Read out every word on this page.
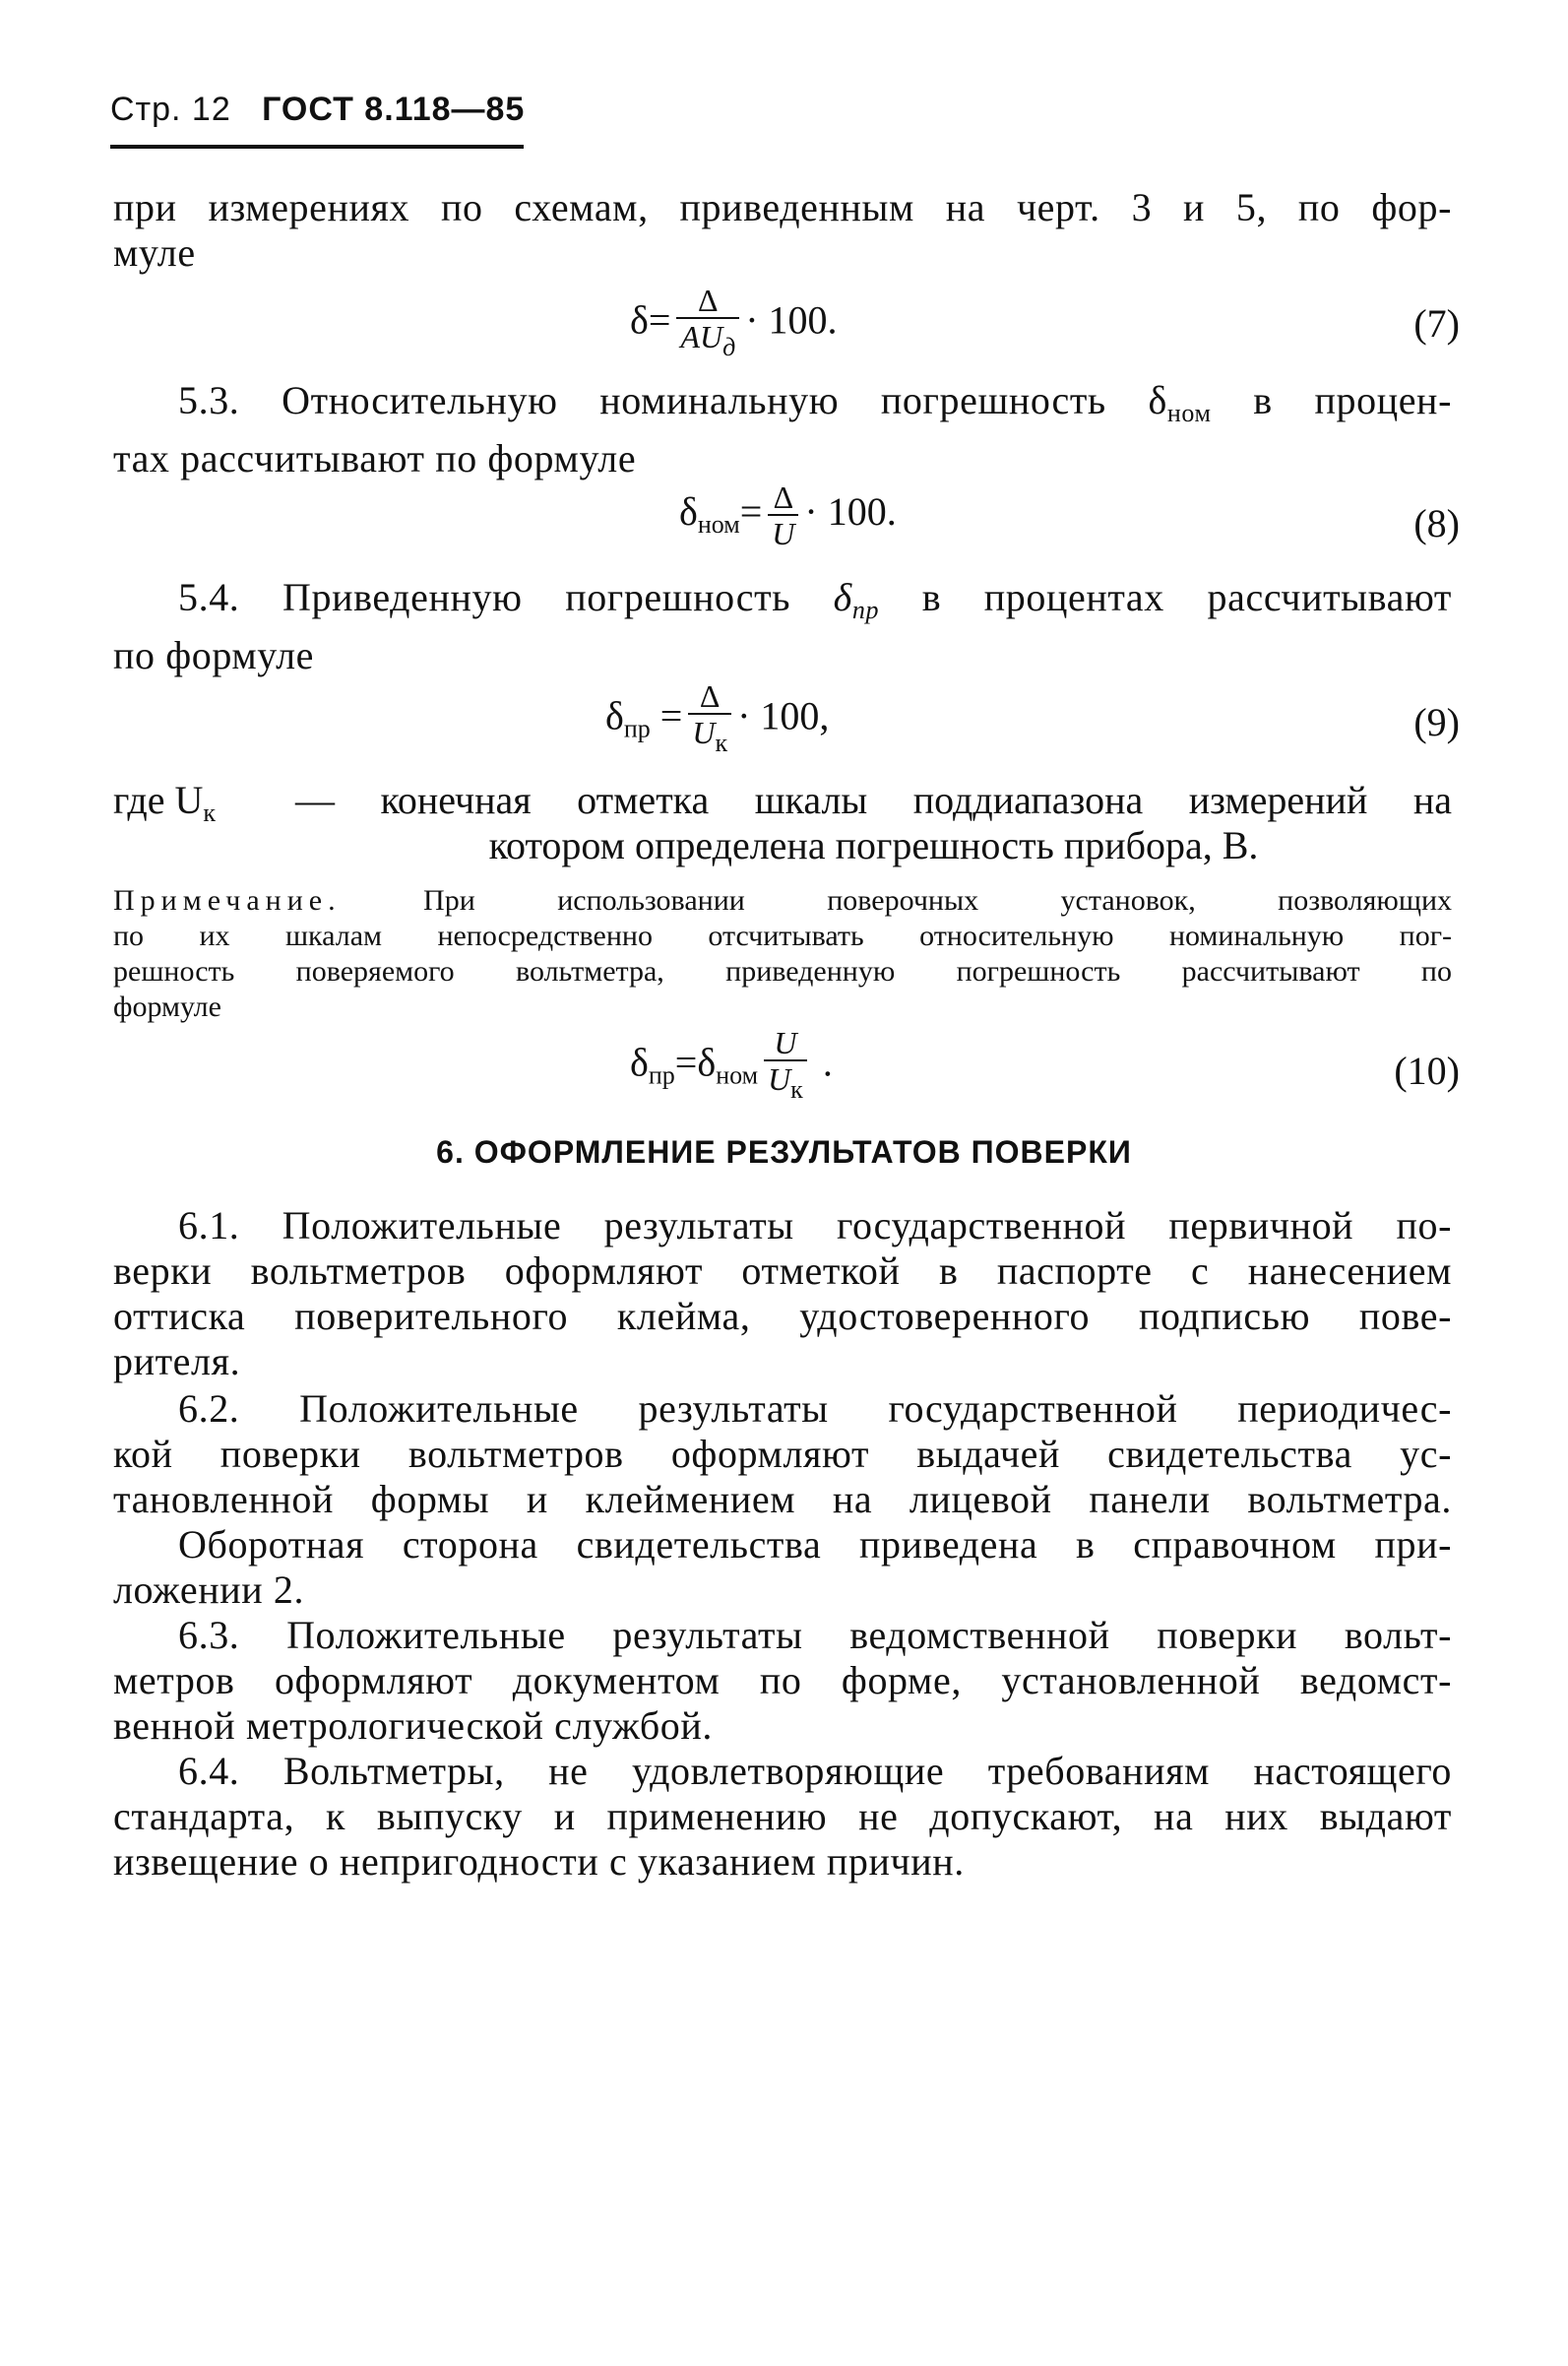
Стр. 12 ГОСТ 8.118—85
при измерениях по схемам, приведенным на черт. 3 и 5, по фор-
муле
$\delta= \frac{\Delta}{AU_д} \cdot 100$.	(7)
5.3. Относительную номинальную погрешность $\delta_{ном}$ в процен-
тах рассчитывают по формуле
$\delta_{ном}= \frac{\Delta}{U} \cdot 100$.	(8)
5.4. Приведенную погрешность $\delta_{пр}$ в процентах рассчитывают
по формуле
$\delta_{пр} = \frac{\Delta}{U_к} \cdot 100$,	(9)
где $U_к$ — конечная отметка шкалы поддиапазона измерений на
котором определена погрешность прибора, В.
Примечание. При использовании поверочных установок, позволяющих
по их шкалам непосредственно отсчитывать относительную номинальную пог-
решность поверяемого вольтметра, приведенную погрешность рассчитывают по
формуле
$\delta_{пр}=\delta_{ном} \frac{U}{U_к}$ .	(10)
6. ОФОРМЛЕНИЕ РЕЗУЛЬТАТОВ ПОВЕРКИ
6.1. Положительные результаты государственной первичной по-
верки вольтметров оформляют отметкой в паспорте с нанесением
оттиска поверительного клейма, удостоверенного подписью пове-
рителя.
6.2. Положительные результаты государственной периодичес-
кой поверки вольтметров оформляют выдачей свидетельства ус-
тановленной формы и клеймением на лицевой панели вольтметра.
Оборотная сторона свидетельства приведена в справочном при-
ложении 2.
6.3. Положительные результаты ведомственной поверки вольт-
метров оформляют документом по форме, установленной ведомст-
венной метрологической службой.
6.4. Вольтметры, не удовлетворяющие требованиям настоящего
стандарта, к выпуску и применению не допускают, на них выдают
извещение о непригодности с указанием причин.
